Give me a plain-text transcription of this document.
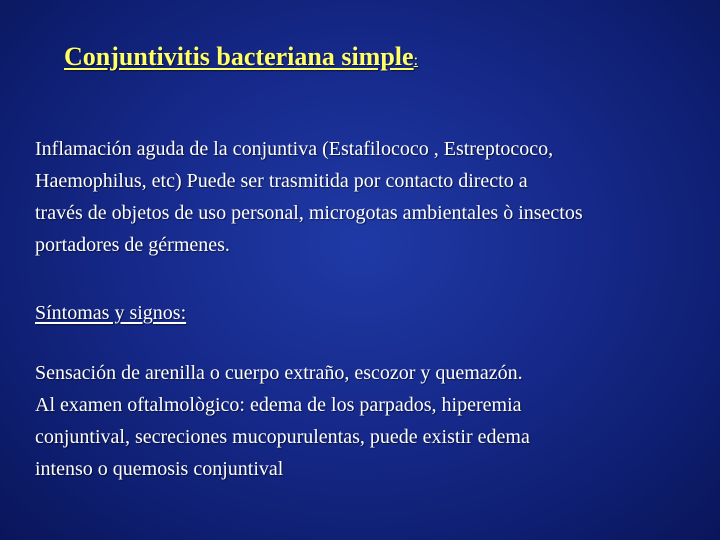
Conjuntivitis bacteriana simple:
Inflamación aguda de la conjuntiva (Estafilococo , Estreptococo,
Haemophilus, etc) Puede ser trasmitida por contacto directo a
través de objetos de uso personal, microgotas ambientales ò insectos
portadores de gérmenes.
Síntomas y signos:
Sensación de arenilla o cuerpo extraño, escozor y quemazón.
Al examen oftalmològico: edema de los parpados, hiperemia
conjuntival, secreciones mucopurulentas, puede existir edema
intenso o quemosis conjuntival
